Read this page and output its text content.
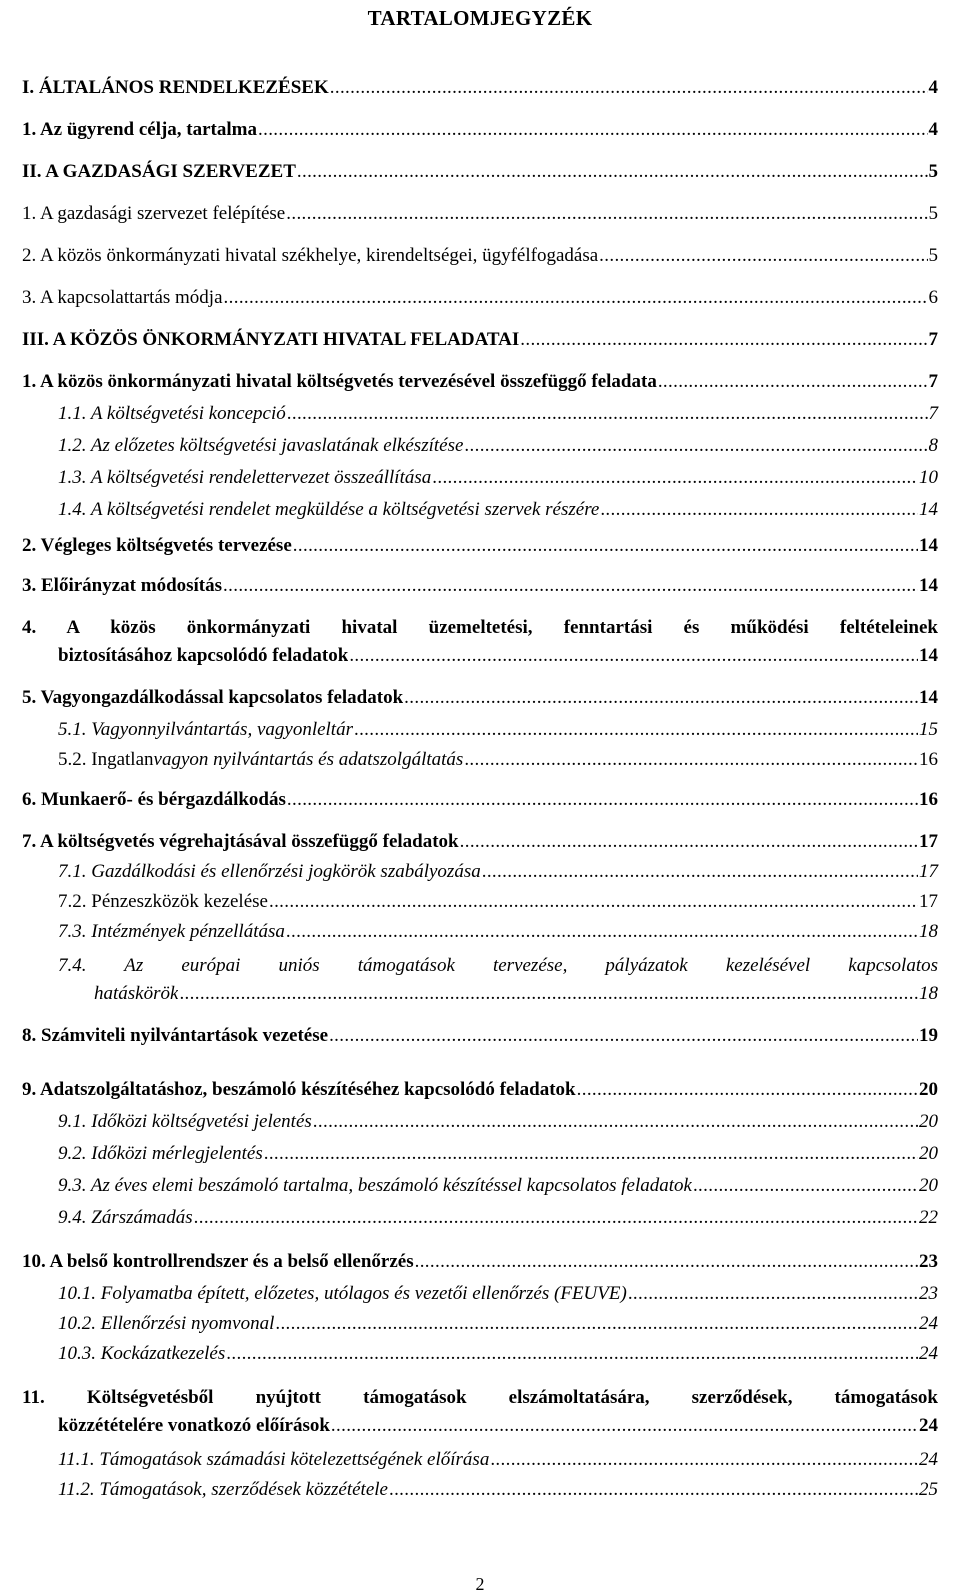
TARTALOMJEGYZÉK
I. ÁLTALÁNOS RENDELKEZÉSEK . . .	4
1. Az ügyrend célja, tartalma . . .	4
II. A GAZDASÁGI SZERVEZET . . .	5
1. A gazdasági szervezet felépítése . . .	5
2. A közös önkormányzati hivatal székhelye, kirendeltségei, ügyfélfogadása . . .	5
3. A kapcsolattartás módja . . .	6
III. A KÖZÖS ÖNKORMÁNYZATI HIVATAL FELADATAI . . .	7
1. A közös önkormányzati hivatal költségvetés tervezésével összefüggő feladata . . .	7
1.1. A költségvetési koncepció . . .	7
1.2. Az előzetes költségvetési javaslatának elkészítése . . .	8
1.3. A költségvetési rendelettervezet összeállítása . . .	10
1.4. A költségvetési rendelet megküldése a költségvetési szervek részére . . .	14
2. Végleges költségvetés tervezése . . .	14
3. Előirányzat módosítás . . .	14
4. A közös önkormányzati hivatal üzemeltetési, fenntartási és működési feltételeinek
biztosításához kapcsolódó feladatok . . .	14
5. Vagyongazdálkodással kapcsolatos feladatok . . .	14
5.1. Vagyonnyilvántartás, vagyonleltár . . .	15
5.2. Ingatlanvagyon nyilvántartás és adatszolgáltatás . . .	16
6. Munkaerő- és bérgazdálkodás . . .	16
7. A költségvetés végrehajtásával összefüggő feladatok . . .	17
7.1. Gazdálkodási és ellenőrzési jogkörök szabályozása . . .	17
7.2. Pénzeszközök kezelése . . .	17
7.3. Intézmények pénzellátása . . .	18
7.4. Az európai uniós támogatások tervezése, pályázatok kezelésével kapcsolatos
hatáskörök . . .	18
8. Számviteli nyilvántartások vezetése . . .	19
9. Adatszolgáltatáshoz, beszámoló készítéséhez kapcsolódó feladatok . . .	20
9.1. Időközi költségvetési jelentés . . .	20
9.2. Időközi mérlegjelentés . . .	20
9.3. Az éves elemi beszámoló tartalma, beszámoló készítéssel kapcsolatos feladatok . . .	20
9.4. Zárszámadás . . .	22
10. A belső kontrollrendszer és a belső ellenőrzés . . .	23
10.1. Folyamatba épített, előzetes, utólagos és vezetői ellenőrzés (FEUVE) . . .	23
10.2. Ellenőrzési nyomvonal . . .	24
10.3. Kockázatkezelés . . .	24
11. Költségvetésből nyújtott támogatások elszámoltatására, szerződések, támogatások
közzétételére vonatkozó előírások . . .	24
11.1. Támogatások számadási kötelezettségének előírása . . .	24
11.2. Támogatások, szerződések közzététele . . .	25
2
